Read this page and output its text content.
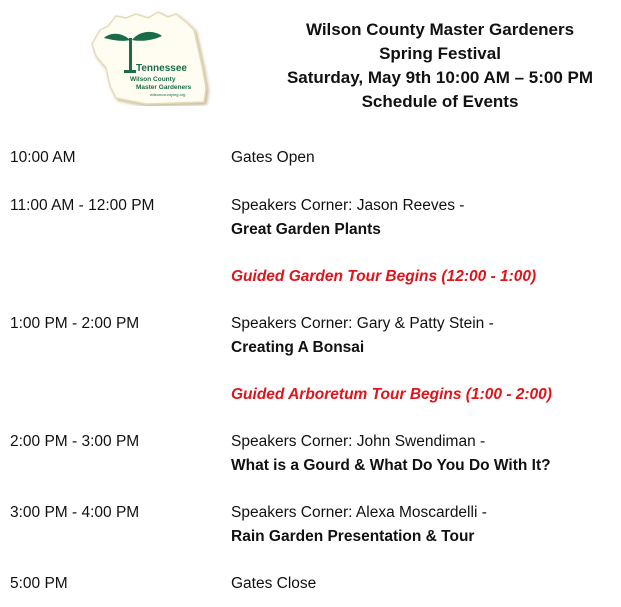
Tennessee
Wilson County
Master Gardeners
wilsoncountymg.org
Wilson County Master Gardeners
Spring Festival
Saturday, May 9th 10:00 AM – 5:00 PM
Schedule of Events
10:00 AM	Gates Open
11:00 AM - 12:00 PM	Speakers Corner: Jason Reeves -
Great Garden Plants
Guided Garden Tour Begins (12:00 - 1:00)
1:00 PM - 2:00 PM	Speakers Corner: Gary & Patty Stein -
Creating A Bonsai
Guided Arboretum Tour Begins (1:00 - 2:00)
2:00 PM - 3:00 PM	Speakers Corner: John Swendiman -
What is a Gourd & What Do You Do With It?
3:00 PM - 4:00 PM	Speakers Corner: Alexa Moscardelli -
Rain Garden Presentation & Tour
5:00 PM	Gates Close
